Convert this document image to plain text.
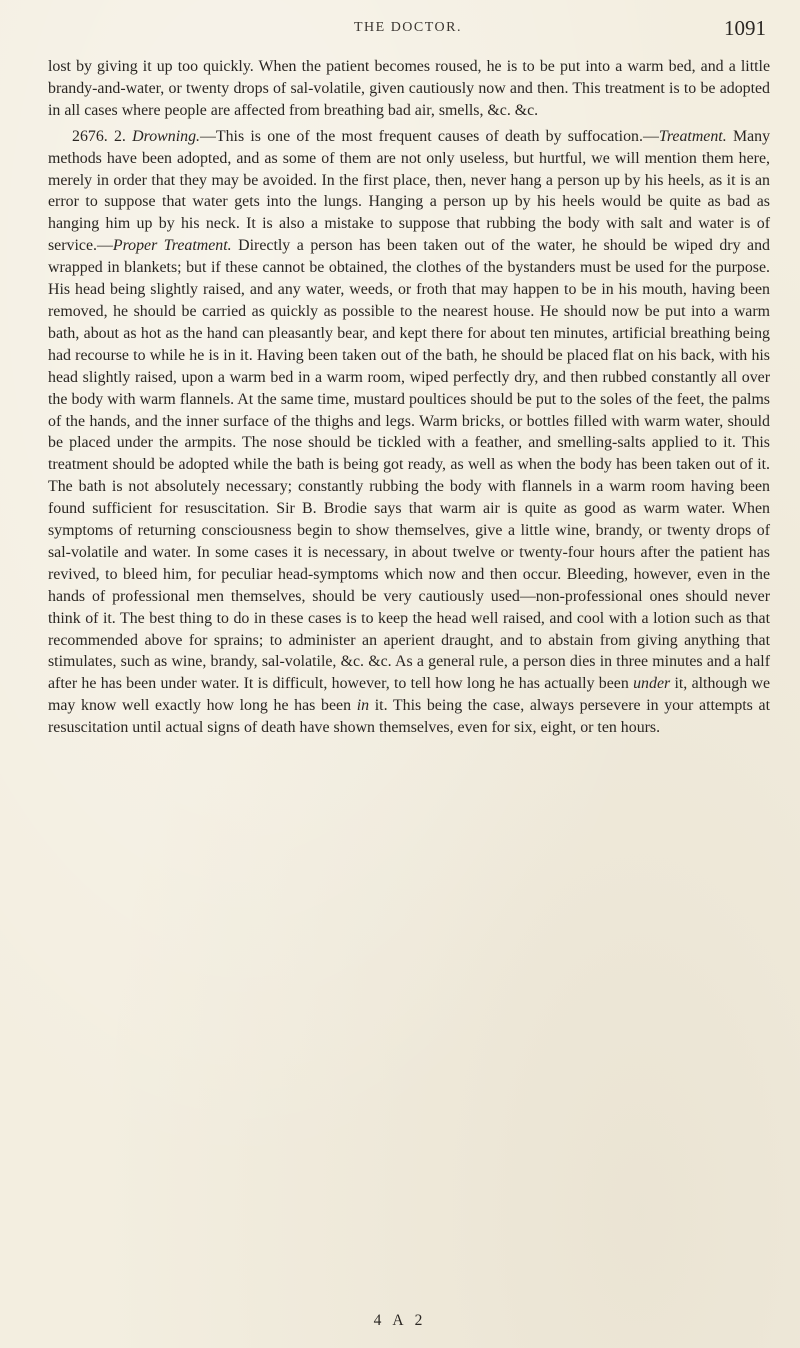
THE DOCTOR.	1091

lost by giving it up too quickly. When the patient becomes roused, he is to be put into a warm bed, and a little brandy-and-water, or twenty drops of sal-volatile, given cautiously now and then. This treatment is to be adopted in all cases where people are affected from breathing bad air, smells, &c. &c.

2676. 2. Drowning.—This is one of the most frequent causes of death by suffocation.—Treatment. Many methods have been adopted, and as some of them are not only useless, but hurtful, we will mention them here, merely in order that they may be avoided. In the first place, then, never hang a person up by his heels, as it is an error to suppose that water gets into the lungs. Hanging a person up by his heels would be quite as bad as hanging him up by his neck. It is also a mistake to suppose that rubbing the body with salt and water is of service.—Proper Treatment. Directly a person has been taken out of the water, he should be wiped dry and wrapped in blankets; but if these cannot be obtained, the clothes of the bystanders must be used for the purpose. His head being slightly raised, and any water, weeds, or froth that may happen to be in his mouth, having been removed, he should be carried as quickly as possible to the nearest house. He should now be put into a warm bath, about as hot as the hand can pleasantly bear, and kept there for about ten minutes, artificial breathing being had recourse to while he is in it. Having been taken out of the bath, he should be placed flat on his back, with his head slightly raised, upon a warm bed in a warm room, wiped perfectly dry, and then rubbed constantly all over the body with warm flannels. At the same time, mustard poultices should be put to the soles of the feet, the palms of the hands, and the inner surface of the thighs and legs. Warm bricks, or bottles filled with warm water, should be placed under the armpits. The nose should be tickled with a feather, and smelling-salts applied to it. This treatment should be adopted while the bath is being got ready, as well as when the body has been taken out of it. The bath is not absolutely necessary; constantly rubbing the body with flannels in a warm room having been found sufficient for resuscitation. Sir B. Brodie says that warm air is quite as good as warm water. When symptoms of returning consciousness begin to show themselves, give a little wine, brandy, or twenty drops of sal-volatile and water. In some cases it is necessary, in about twelve or twenty-four hours after the patient has revived, to bleed him, for peculiar head-symptoms which now and then occur. Bleeding, however, even in the hands of professional men themselves, should be very cautiously used—non-professional ones should never think of it. The best thing to do in these cases is to keep the head well raised, and cool with a lotion such as that recommended above for sprains; to administer an aperient draught, and to abstain from giving anything that stimulates, such as wine, brandy, sal-volatile, &c. &c. As a general rule, a person dies in three minutes and a half after he has been under water. It is difficult, however, to tell how long he has actually been under it, although we may know well exactly how long he has been in it. This being the case, always persevere in your attempts at resuscitation until actual signs of death have shown themselves, even for six, eight, or ten hours.

4 A 2
